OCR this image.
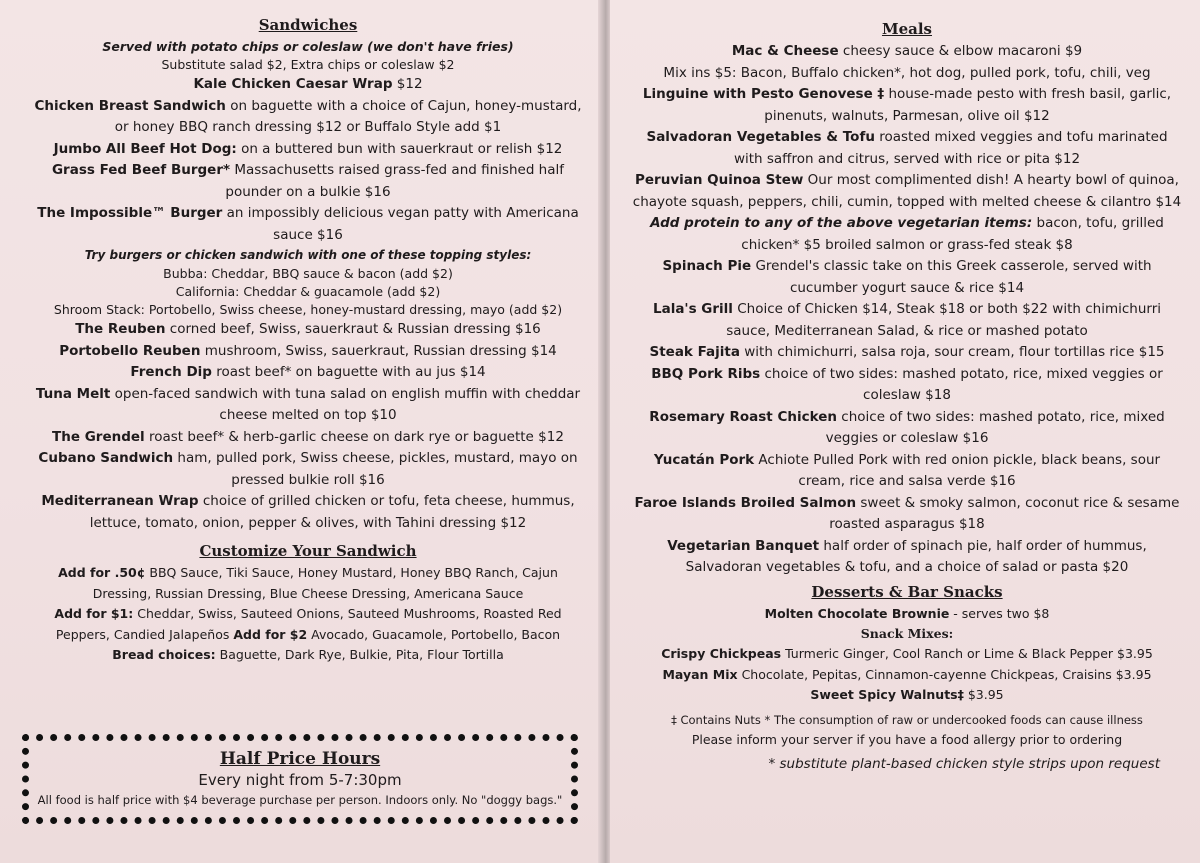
Sandwiches

Served with potato chips or coleslaw (we don't have fries)

Substitute salad $2, Extra chips or coleslaw $2

Kale Chicken Caesar Wrap $12

Chicken Breast Sandwich on baguette with a choice of Cajun, honey-mustard, or honey BBQ ranch dressing $12 or Buffalo Style add $1

Jumbo All Beef Hot Dog: on a buttered bun with sauerkraut or relish $12

Grass Fed Beef Burger* Massachusetts raised grass-fed and finished half pounder on a bulkie $16

The Impossible™ Burger an impossibly delicious vegan patty with Americana sauce $16

Try burgers or chicken sandwich with one of these topping styles:

Bubba: Cheddar, BBQ sauce & bacon (add $2)

California: Cheddar & guacamole (add $2)

Shroom Stack: Portobello, Swiss cheese, honey-mustard dressing, mayo (add $2)

The Reuben corned beef, Swiss, sauerkraut & Russian dressing $16

Portobello Reuben mushroom, Swiss, sauerkraut, Russian dressing $14

French Dip roast beef* on baguette with au jus $14

Tuna Melt open-faced sandwich with tuna salad on english muffin with cheddar cheese melted on top $10

The Grendel roast beef* & herb-garlic cheese on dark rye or baguette $12

Cubano Sandwich ham, pulled pork, Swiss cheese, pickles, mustard, mayo on pressed bulkie roll $16

Mediterranean Wrap choice of grilled chicken or tofu, feta cheese, hummus, lettuce, tomato, onion, pepper & olives, with Tahini dressing $12

Customize Your Sandwich

Add for .50¢ BBQ Sauce, Tiki Sauce, Honey Mustard, Honey BBQ Ranch, Cajun Dressing, Russian Dressing, Blue Cheese Dressing, Americana Sauce

Add for $1: Cheddar, Swiss, Sauteed Onions, Sauteed Mushrooms, Roasted Red Peppers, Candied Jalapeños Add for $2 Avocado, Guacamole, Portobello, Bacon

Bread choices: Baguette, Dark Rye, Bulkie, Pita, Flour Tortilla

Half Price Hours
Every night from 5-7:30pm
All food is half price with $4 beverage purchase per person. Indoors only. No "doggy bags."
Meals

Mac & Cheese cheesy sauce & elbow macaroni $9

Mix ins $5: Bacon, Buffalo chicken*, hot dog, pulled pork, tofu, chili, veg

Linguine with Pesto Genovese ‡ house-made pesto with fresh basil, garlic, pinenuts, walnuts, Parmesan, olive oil $12

Salvadoran Vegetables & Tofu roasted mixed veggies and tofu marinated with saffron and citrus, served with rice or pita $12

Peruvian Quinoa Stew Our most complimented dish! A hearty bowl of quinoa, chayote squash, peppers, chili, cumin, topped with melted cheese & cilantro $14

Add protein to any of the above vegetarian items: bacon, tofu, grilled chicken* $5 broiled salmon or grass-fed steak $8

Spinach Pie Grendel's classic take on this Greek casserole, served with cucumber yogurt sauce & rice $14

Lala's Grill Choice of Chicken $14, Steak $18 or both $22 with chimichurri sauce, Mediterranean Salad, & rice or mashed potato

Steak Fajita with chimichurri, salsa roja, sour cream, flour tortillas rice $15

BBQ Pork Ribs choice of two sides: mashed potato, rice, mixed veggies or coleslaw $18

Rosemary Roast Chicken choice of two sides: mashed potato, rice, mixed veggies or coleslaw $16

Yucatán Pork Achiote Pulled Pork with red onion pickle, black beans, sour cream, rice and salsa verde $16

Faroe Islands Broiled Salmon sweet & smoky salmon, coconut rice & sesame roasted asparagus $18

Vegetarian Banquet half order of spinach pie, half order of hummus, Salvadoran vegetables & tofu, and a choice of salad or pasta $20

Desserts & Bar Snacks

Molten Chocolate Brownie - serves two $8

Snack Mixes:

Crispy Chickpeas Turmeric Ginger, Cool Ranch or Lime & Black Pepper $3.95

Mayan Mix Chocolate, Pepitas, Cinnamon-cayenne Chickpeas, Craisins $3.95

Sweet Spicy Walnuts‡ $3.95

‡ Contains Nuts * The consumption of raw or undercooked foods can cause illness

Please inform your server if you have a food allergy prior to ordering

* substitute plant-based chicken style strips upon request
